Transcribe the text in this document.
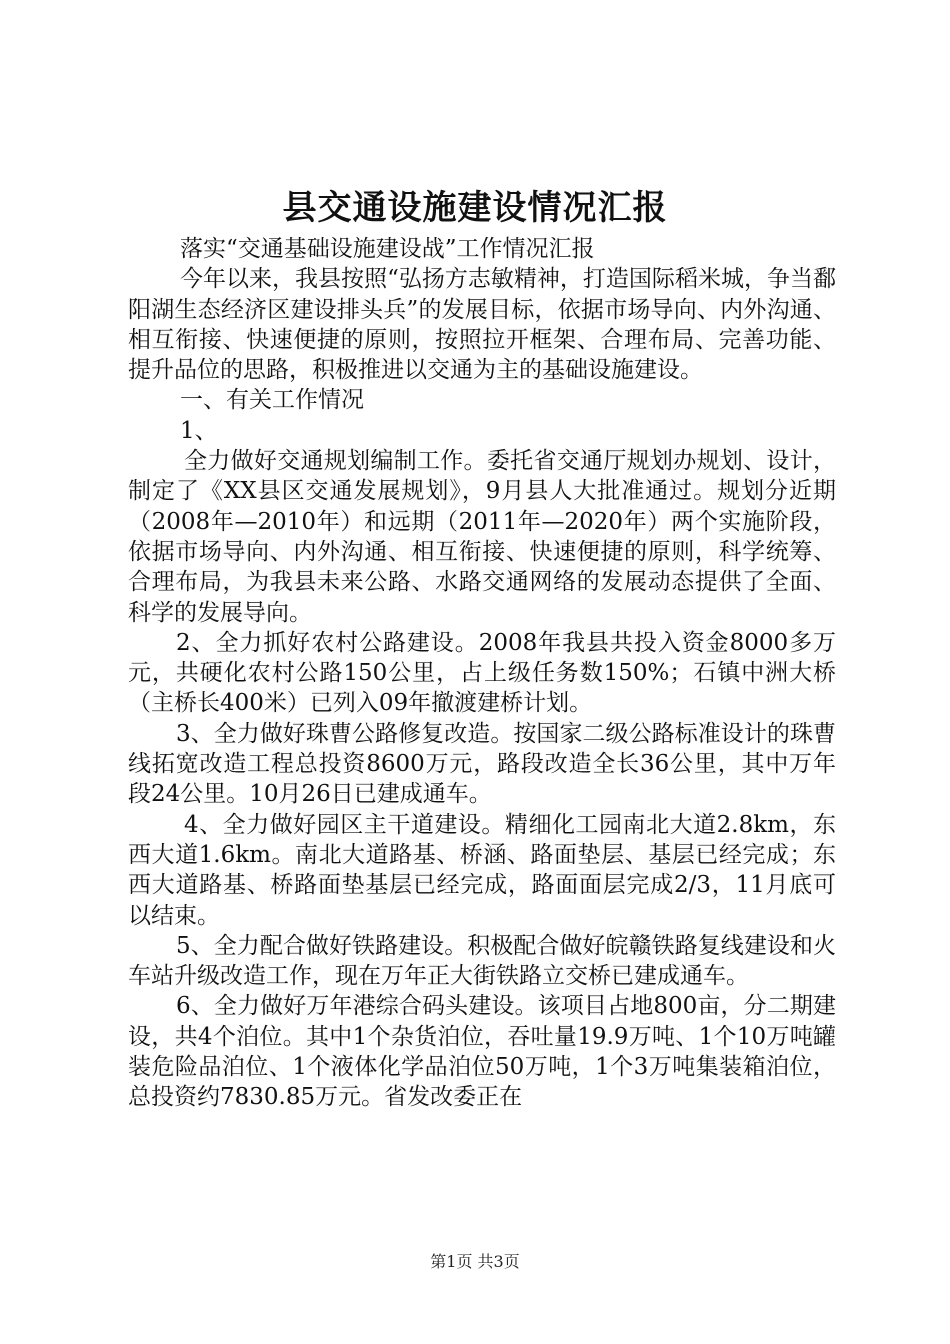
县交通设施建设情况汇报

落实“交通基础设施建设战”工作情况汇报

今年以来，我县按照“弘扬方志敏精神，打造国际稻米城，争当鄱阳湖生态经济区建设排头兵”的发展目标，依据市场导向、内外沟通、相互衔接、快速便捷的原则，按照拉开框架、合理布局、完善功能、提升品位的思路，积极推进以交通为主的基础设施建设。

一、有关工作情况

1、

全力做好交通规划编制工作。委托省交通厅规划办规划、设计，制定了《XX县区交通发展规划》，9月县人大批准通过。规划分近期（2008年—2010年）和远期（2011年—2020年）两个实施阶段，依据市场导向、内外沟通、相互衔接、快速便捷的原则，科学统筹、合理布局，为我县未来公路、水路交通网络的发展动态提供了全面、科学的发展导向。

2、全力抓好农村公路建设。2008年我县共投入资金8000多万元，共硬化农村公路150公里，占上级任务数150%；石镇中洲大桥（主桥长400米）已列入09年撤渡建桥计划。

3、全力做好珠曹公路修复改造。按国家二级公路标准设计的珠曹线拓宽改造工程总投资8600万元，路段改造全长36公里，其中万年段24公里。10月26日已建成通车。

4、全力做好园区主干道建设。精细化工园南北大道2.8km，东西大道1.6km。南北大道路基、桥涵、路面垫层、基层已经完成；东西大道路基、桥路面垫基层已经完成，路面面层完成2/3，11月底可以结束。

5、全力配合做好铁路建设。积极配合做好皖赣铁路复线建设和火车站升级改造工作，现在万年正大街铁路立交桥已建成通车。

6、全力做好万年港综合码头建设。该项目占地800亩，分二期建设，共4个泊位。其中1个杂货泊位，吞吐量19.9万吨、1个10万吨罐装危险品泊位、1个液体化学品泊位50万吨，1个3万吨集装箱泊位，总投资约7830.85万元。省发改委正在

第1页 共3页
